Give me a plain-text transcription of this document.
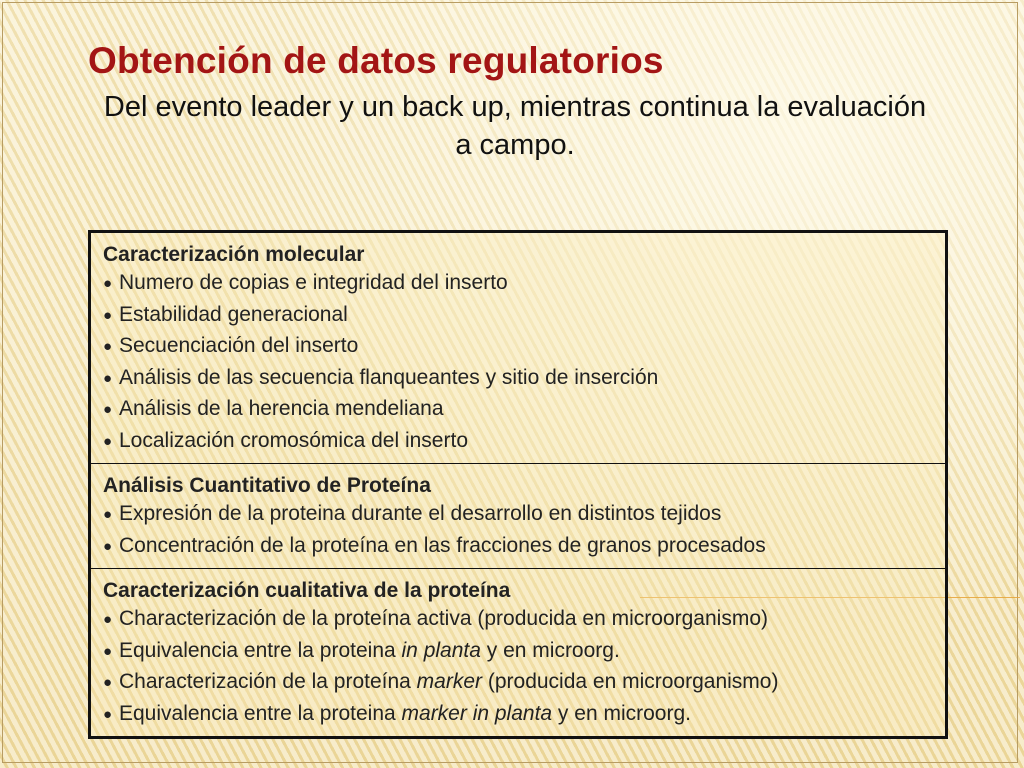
Obtención de datos regulatorios

Del evento leader y un back up, mientras continua la evaluación a campo.

Caracterización molecular
● Numero de copias e integridad del inserto
● Estabilidad generacional
● Secuenciación del inserto
● Análisis de las secuencia flanqueantes y sitio de inserción
● Análisis de la herencia mendeliana
● Localización cromosómica del inserto
Análisis Cuantitativo de Proteína
● Expresión de la proteina durante el desarrollo en distintos tejidos
● Concentración de la proteína en las fracciones de granos procesados
Caracterización cualitativa de la proteína
● Characterización de la proteína activa (producida en microorganismo)
● Equivalencia entre la proteina in planta y en microorg.
● Characterización de la proteína marker (producida en microorganismo)
● Equivalencia entre la proteina marker in planta y en microorg.
